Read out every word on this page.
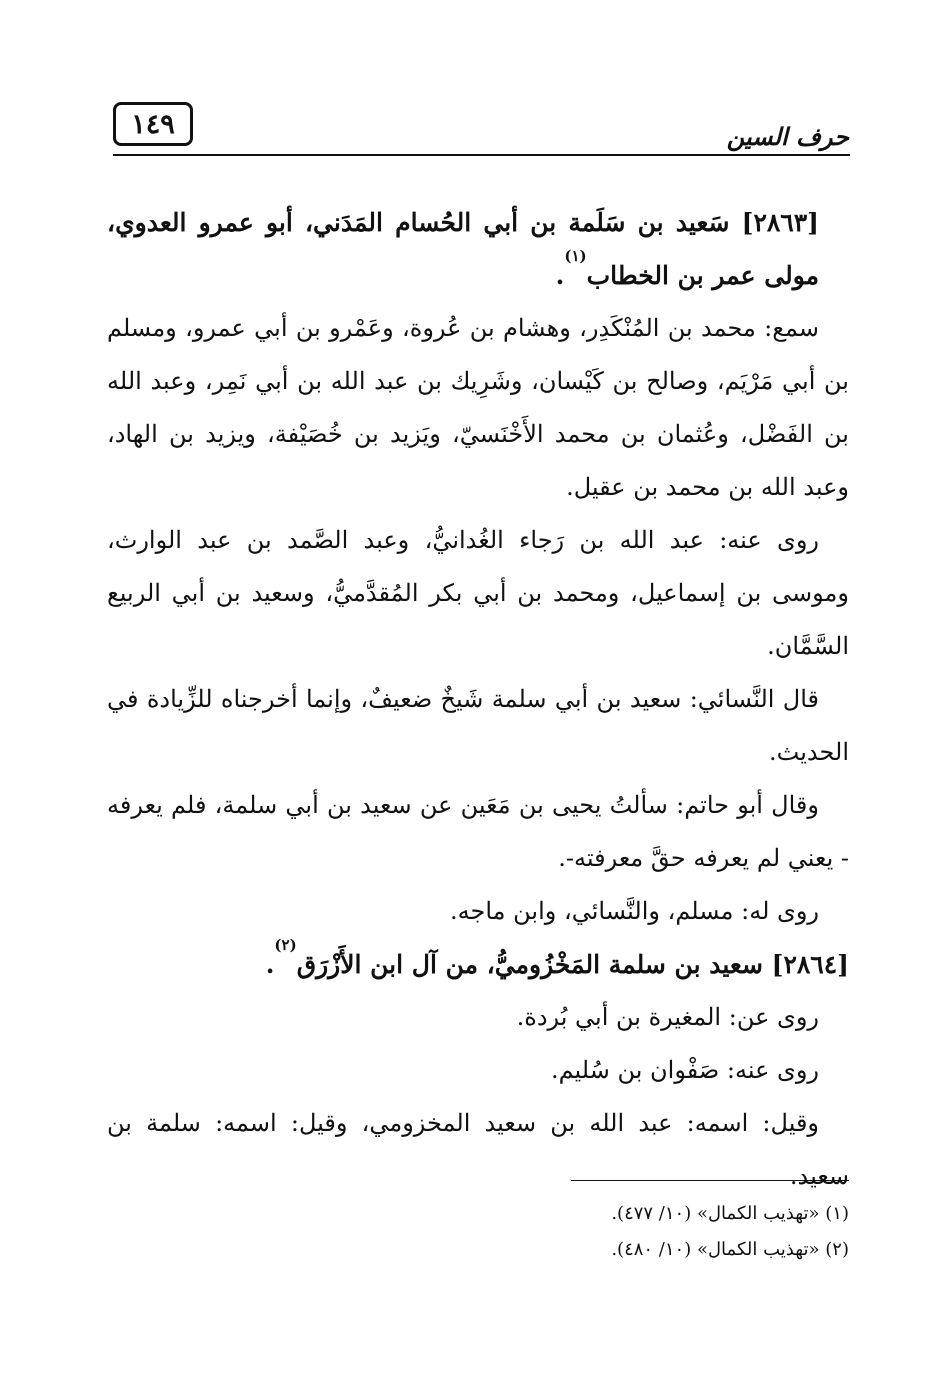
١٤٩	حرف السين

[٢٨٦٣] سَعيد بن سَلَمة بن أبي الحُسام المَدَني، أبو عمرو العدوي، مولى عمر بن الخطاب$^{(١)}$.

سمع: محمد بن المُنْكَدِر، وهشام بن عُروة، وعَمْرو بن أبي عمرو، ومسلم بن أبي مَرْيَم، وصالح بن كَيْسان، وشَرِيك بن عبد الله بن أبي نَمِر، وعبد الله بن الفَضْل، وعُثمان بن محمد الأَخْنَسيّ، ويَزيد بن خُصَيْفة، ويزيد بن الهاد، وعبد الله بن محمد بن عقيل.

روى عنه: عبد الله بن رَجاء الغُدانيُّ، وعبد الصَّمد بن عبد الوارث، وموسى بن إسماعيل، ومحمد بن أبي بكر المُقدَّميُّ، وسعيد بن أبي الربيع السَّمَّان.

قال النَّسائي: سعيد بن أبي سلمة شَيخٌ ضعيفٌ، وإنما أخرجناه للزِّيادة في الحديث.

وقال أبو حاتم: سألتُ يحيى بن مَعَين عن سعيد بن أبي سلمة، فلم يعرفه - يعني لم يعرفه حقَّ معرفته-.

روى له: مسلم، والنَّسائي، وابن ماجه.

[٢٨٦٤] سعيد بن سلمة المَخْزُوميُّ، من آل ابن الأَزْرَق$^{(٢)}$.

روى عن: المغيرة بن أبي بُردة.

روى عنه: صَفْوان بن سُليم.

وقيل: اسمه: عبد الله بن سعيد المخزومي، وقيل: اسمه: سلمة بن سعيد.

(١) «تهذيب الكمال» (١٠/ ٤٧٧).

(٢) «تهذيب الكمال» (١٠/ ٤٨٠).
